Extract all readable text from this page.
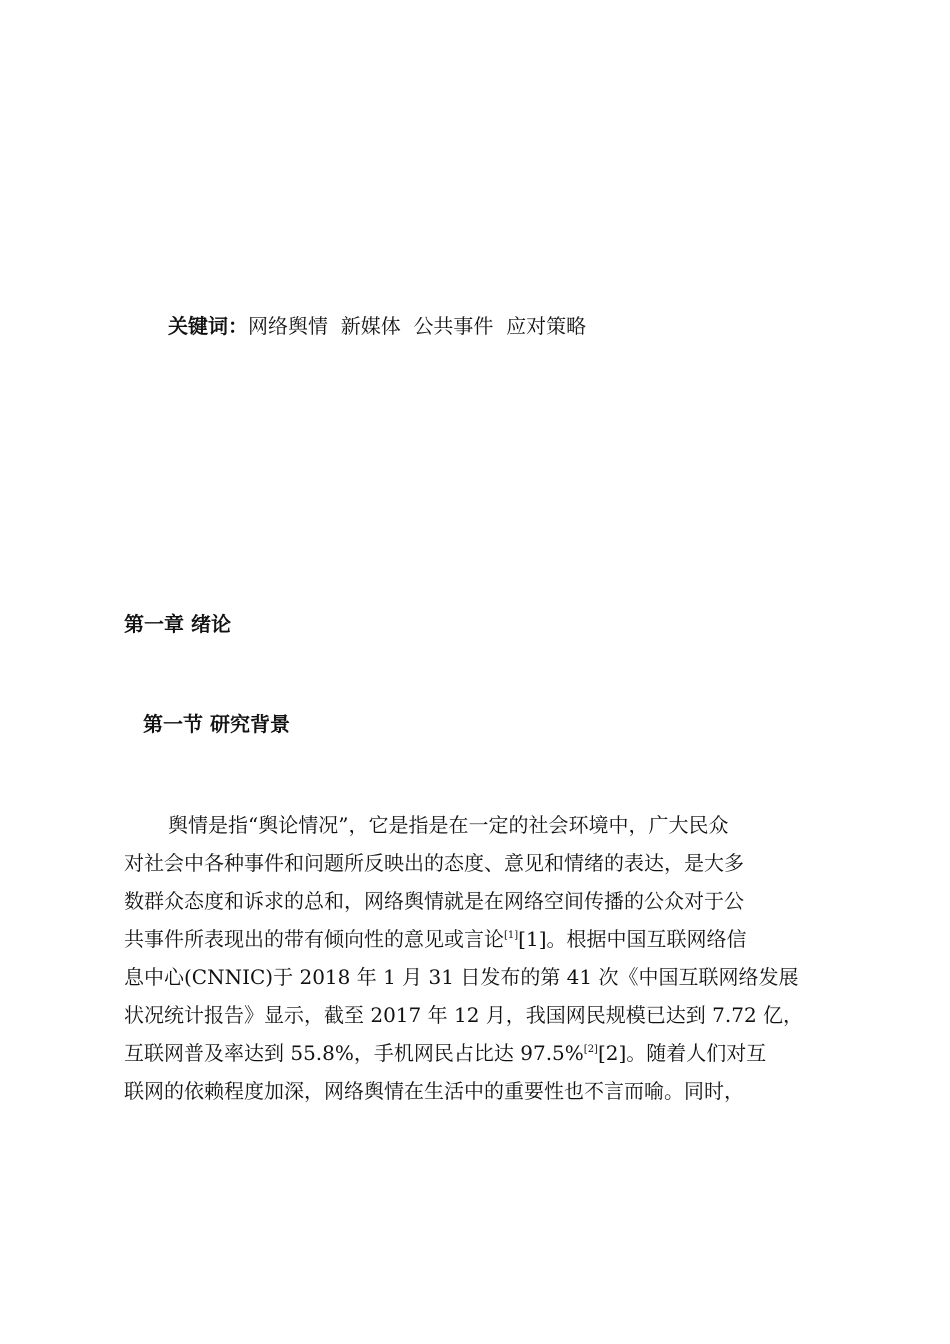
关键词：网络舆情 新媒体 公共事件 应对策略
第一章 绪论
第一节 研究背景
舆情是指“舆论情况”，它是指是在一定的社会环境中，广大民众
对社会中各种事件和问题所反映出的态度、意见和情绪的表达，是大多
数群众态度和诉求的总和，网络舆情就是在网络空间传播的公众对于公
共事件所表现出的带有倾向性的意见或言论[1][1]。根据中国互联网络信
息中心(CNNIC)于 2018 年 1 月 31 日发布的第 41 次《中国互联网络发展
状况统计报告》显示，截至 2017 年 12 月，我国网民规模已达到 7.72 亿，
互联网普及率达到 55.8%，手机网民占比达 97.5%[2][2]。随着人们对互
联网的依赖程度加深，网络舆情在生活中的重要性也不言而喻。同时，
